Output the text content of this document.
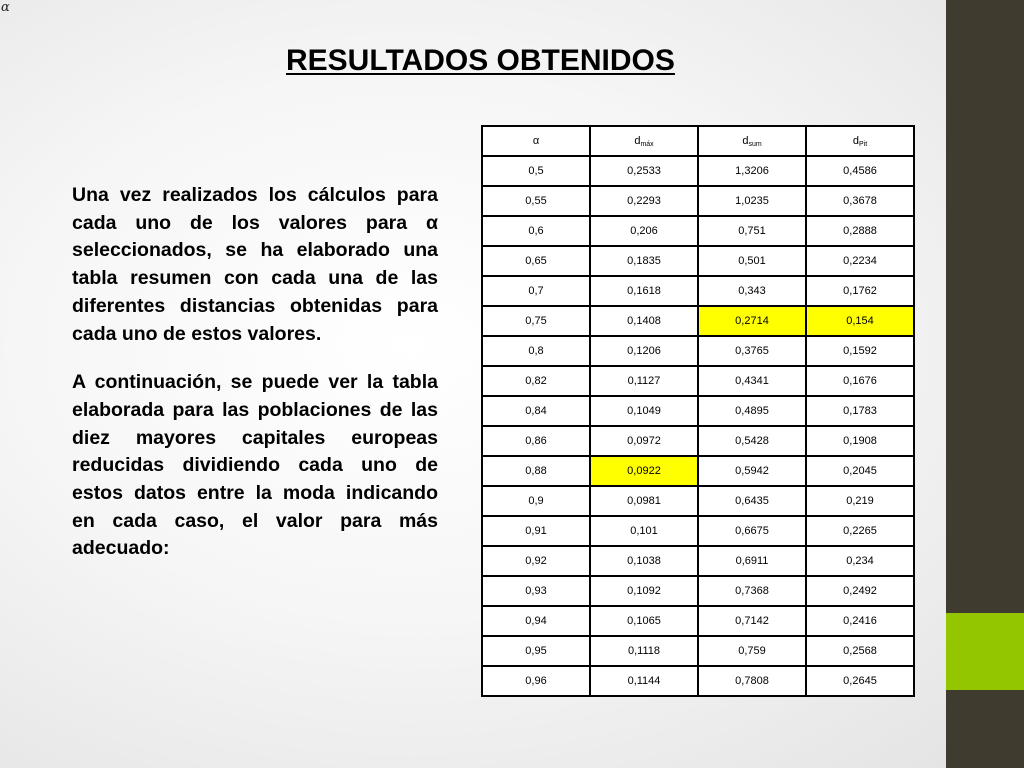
α
RESULTADOS OBTENIDOS

Una vez realizados los cálculos para cada uno de los valores para α seleccionados, se ha elaborado una tabla resumen con cada una de las diferentes distancias obtenidas para cada uno de estos valores.

A continuación, se puede ver la tabla elaborada para las poblaciones de las diez mayores capitales europeas reducidas dividiendo cada uno de estos datos entre la moda indicando en cada caso, el valor para más adecuado:

α	$d_{máx}$	$d_{sum}$	$d_{Pit}$
0,5	0,2533	1,3206	0,4586
0,55	0,2293	1,0235	0,3678
0,6	0,206	0,751	0,2888
0,65	0,1835	0,501	0,2234
0,7	0,1618	0,343	0,1762
0,75	0,1408	0,2714	0,154
0,8	0,1206	0,3765	0,1592
0,82	0,1127	0,4341	0,1676
0,84	0,1049	0,4895	0,1783
0,86	0,0972	0,5428	0,1908
0,88	0,0922	0,5942	0,2045
0,9	0,0981	0,6435	0,219
0,91	0,101	0,6675	0,2265
0,92	0,1038	0,6911	0,234
0,93	0,1092	0,7368	0,2492
0,94	0,1065	0,7142	0,2416
0,95	0,1118	0,759	0,2568
0,96	0,1144	0,7808	0,2645
